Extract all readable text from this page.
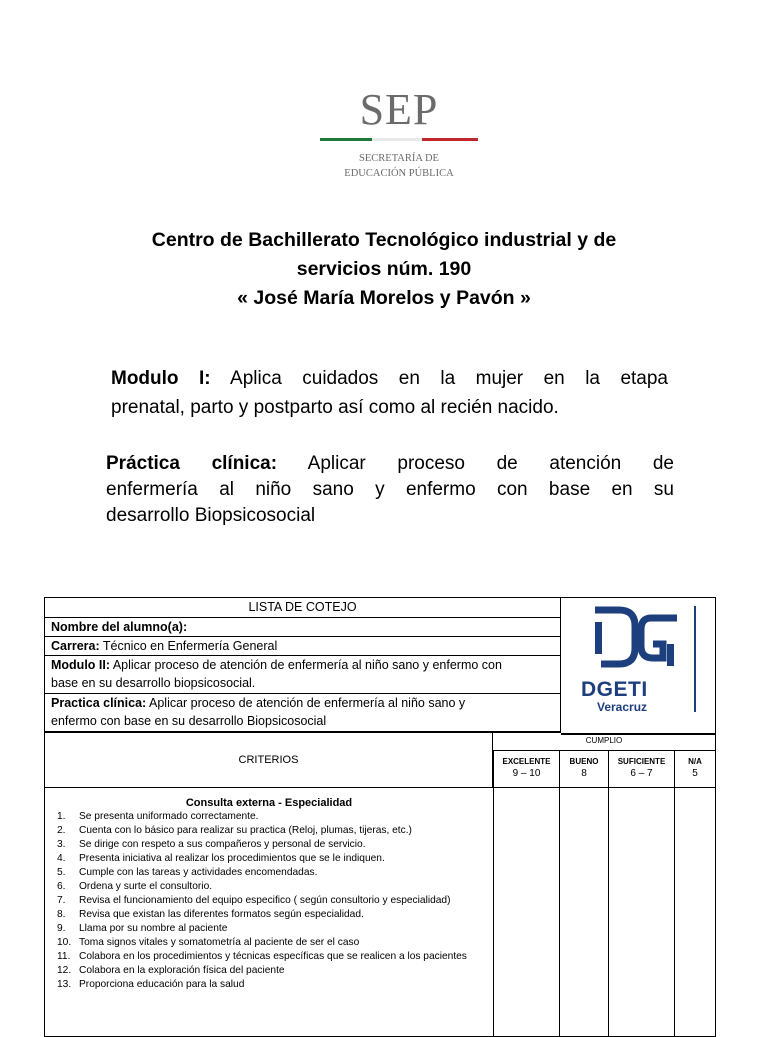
SEP
SECRETARÍA DE
EDUCACIÓN PÚBLICA
Centro de Bachillerato Tecnológico industrial y de
servicios núm. 190
« José María Morelos y Pavón »
Modulo I: Aplica cuidados en la mujer en la etapa
prenatal, parto y postparto así como al recién nacido.
Práctica clínica: Aplicar proceso de atención de
enfermería al niño sano y enfermo con base en su
desarrollo Biopsicosocial
LISTA DE COTEJO
Nombre del alumno(a):
Carrera: Técnico en Enfermería General
Modulo II: Aplicar proceso de atención de enfermería al niño sano y enfermo con
base en su desarrollo biopsicosocial.
Practica clínica: Aplicar proceso de atención de enfermería al niño sano y
enfermo con base en su desarrollo Biopsicosocial
DGETI
Veracruz
CRITERIOS
CUMPLIO
EXCELENTE
9 – 10
BUENO
8
SUFICIENTE
6 – 7
N/A
5
Consulta externa - Especialidad
1. Se presenta uniformado correctamente.
2. Cuenta con lo básico para realizar su practica (Reloj, plumas, tijeras, etc.)
3. Se dirige con respeto a sus compañeros y personal de servicio.
4. Presenta iniciativa al realizar los procedimientos que se le indiquen.
5. Cumple con las tareas y actividades encomendadas.
6. Ordena y surte el consultorio.
7. Revisa el funcionamiento del equipo especifico ( según consultorio y especialidad)
8. Revisa que existan las diferentes formatos según especialidad.
9. Llama por su nombre al paciente
10. Toma signos vitales y somatometría al paciente de ser el caso
11. Colabora en los procedimientos y técnicas específicas que se realicen a los pacientes
12. Colabora en la exploración física del paciente
13. Proporciona educación para la salud
